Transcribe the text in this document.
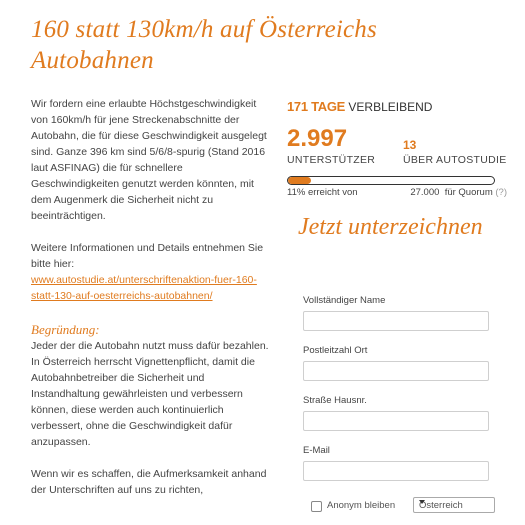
160 statt 130km/h auf Österreichs Autobahnen

Wir fordern eine erlaubte Höchstgeschwindigkeit von 160km/h für jene Streckenabschnitte der Autobahn, die für diese Geschwindigkeit ausgelegt sind. Ganze 396 km sind 5/6/8-spurig (Stand 2016 laut ASFINAG) die für schnellere Geschwindigkeiten genutzt werden könnten, mit dem Augenmerk die Sicherheit nicht zu beeinträchtigen.

Weitere Informationen und Details entnehmen Sie bitte hier:

www.autostudie.at/unterschriftenaktion-fuer-160-statt-130-auf-oesterreichs-autobahnen/
Begründung:

Jeder der die Autobahn nutzt muss dafür bezahlen. In Österreich herrscht Vignettenpflicht, damit die Autobahnbetreiber die Sicherheit und Instandhaltung gewährleisten und verbessern können, diese werden auch kontinuierlich verbessert, ohne die Geschwindigkeit dafür anzupassen.

Wenn wir es schaffen, die Aufmerksamkeit anhand der Unterschriften auf uns zu richten,

171 TAGE VERBLEIBEND
2.997
UNTERSTÜTZER
13
ÜBER AUTOSTUDIE
11% erreicht von	27.000 für Quorum (?)
Jetzt unterzeichnen
Vollständiger Name
Postleitzahl Ort
Straße Hausnr.
E-Mail
Anonym bleiben	Österreich
